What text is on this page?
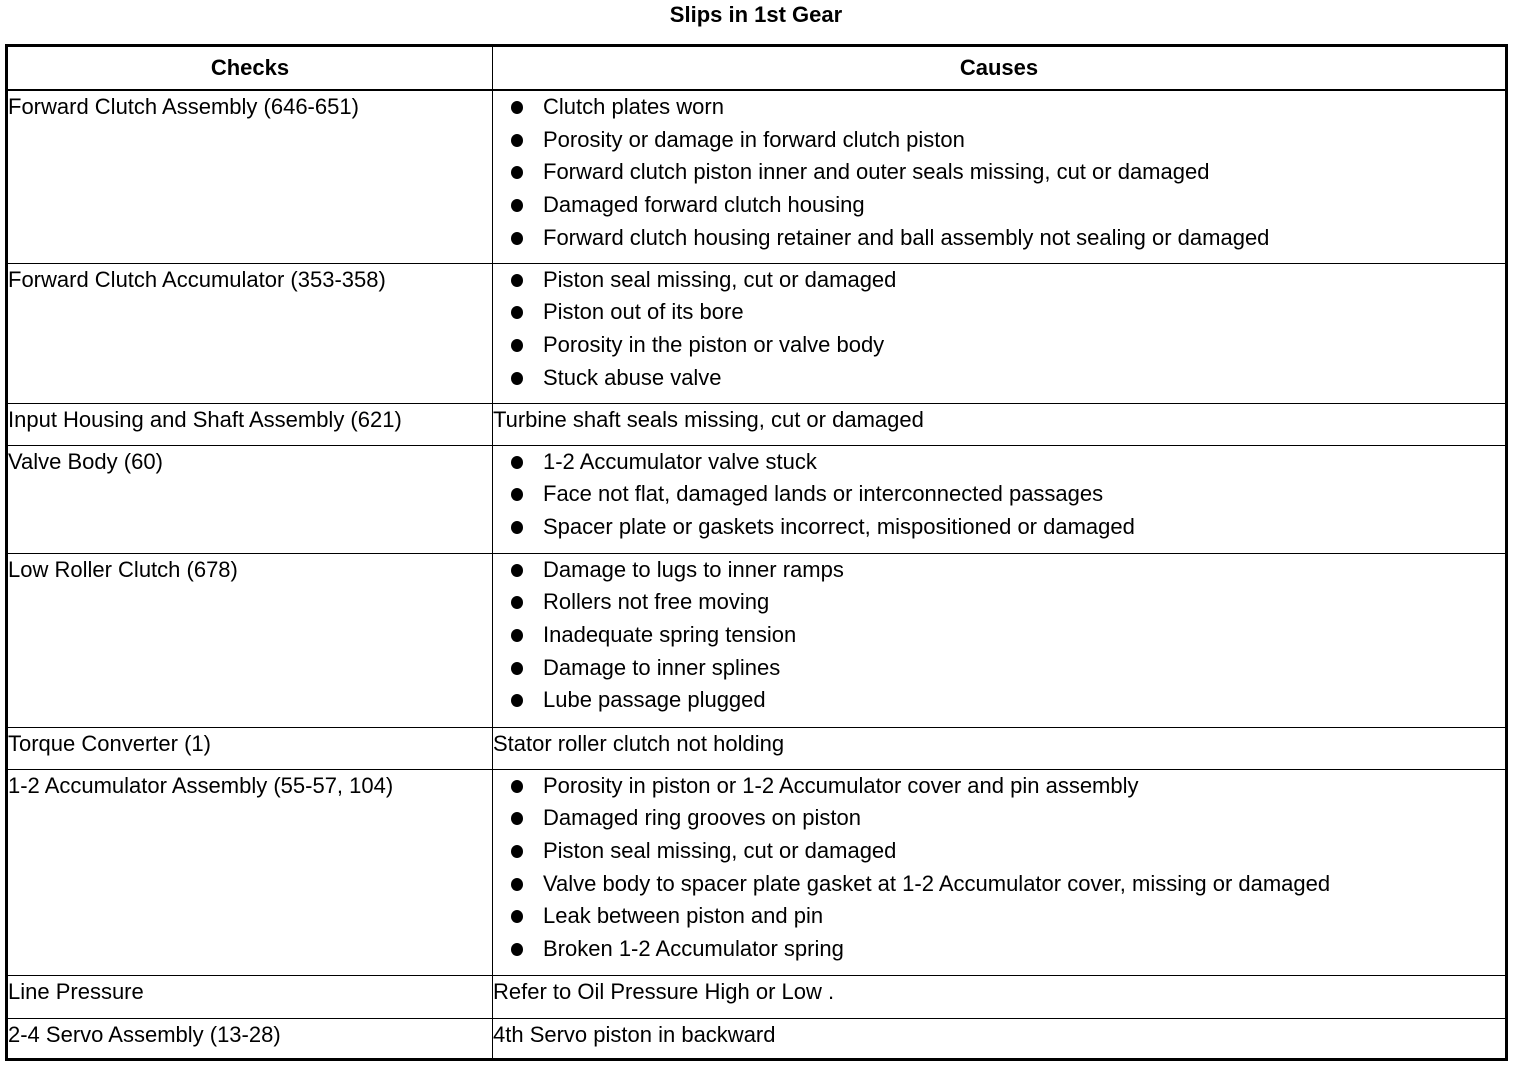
Slips in 1st Gear
Checks	Causes
Forward Clutch Assembly (646-651)	Clutch plates worn
Porosity or damage in forward clutch piston
Forward clutch piston inner and outer seals missing, cut or damaged
Damaged forward clutch housing
Forward clutch housing retainer and ball assembly not sealing or damaged

Forward Clutch Accumulator (353-358)	Piston seal missing, cut or damaged
Piston out of its bore
Porosity in the piston or valve body
Stuck abuse valve

Input Housing and Shaft Assembly (621)	Turbine shaft seals missing, cut or damaged

Valve Body (60)	1-2 Accumulator valve stuck
Face not flat, damaged lands or interconnected passages
Spacer plate or gaskets incorrect, mispositioned or damaged

Low Roller Clutch (678)	Damage to lugs to inner ramps
Rollers not free moving
Inadequate spring tension
Damage to inner splines
Lube passage plugged

Torque Converter (1)	Stator roller clutch not holding

1-2 Accumulator Assembly (55-57, 104)	Porosity in piston or 1-2 Accumulator cover and pin assembly
Damaged ring grooves on piston
Piston seal missing, cut or damaged
Valve body to spacer plate gasket at 1-2 Accumulator cover, missing or damaged
Leak between piston and pin
Broken 1-2 Accumulator spring

Line Pressure	Refer to Oil Pressure High or Low .

2-4 Servo Assembly (13-28)	4th Servo piston in backward
